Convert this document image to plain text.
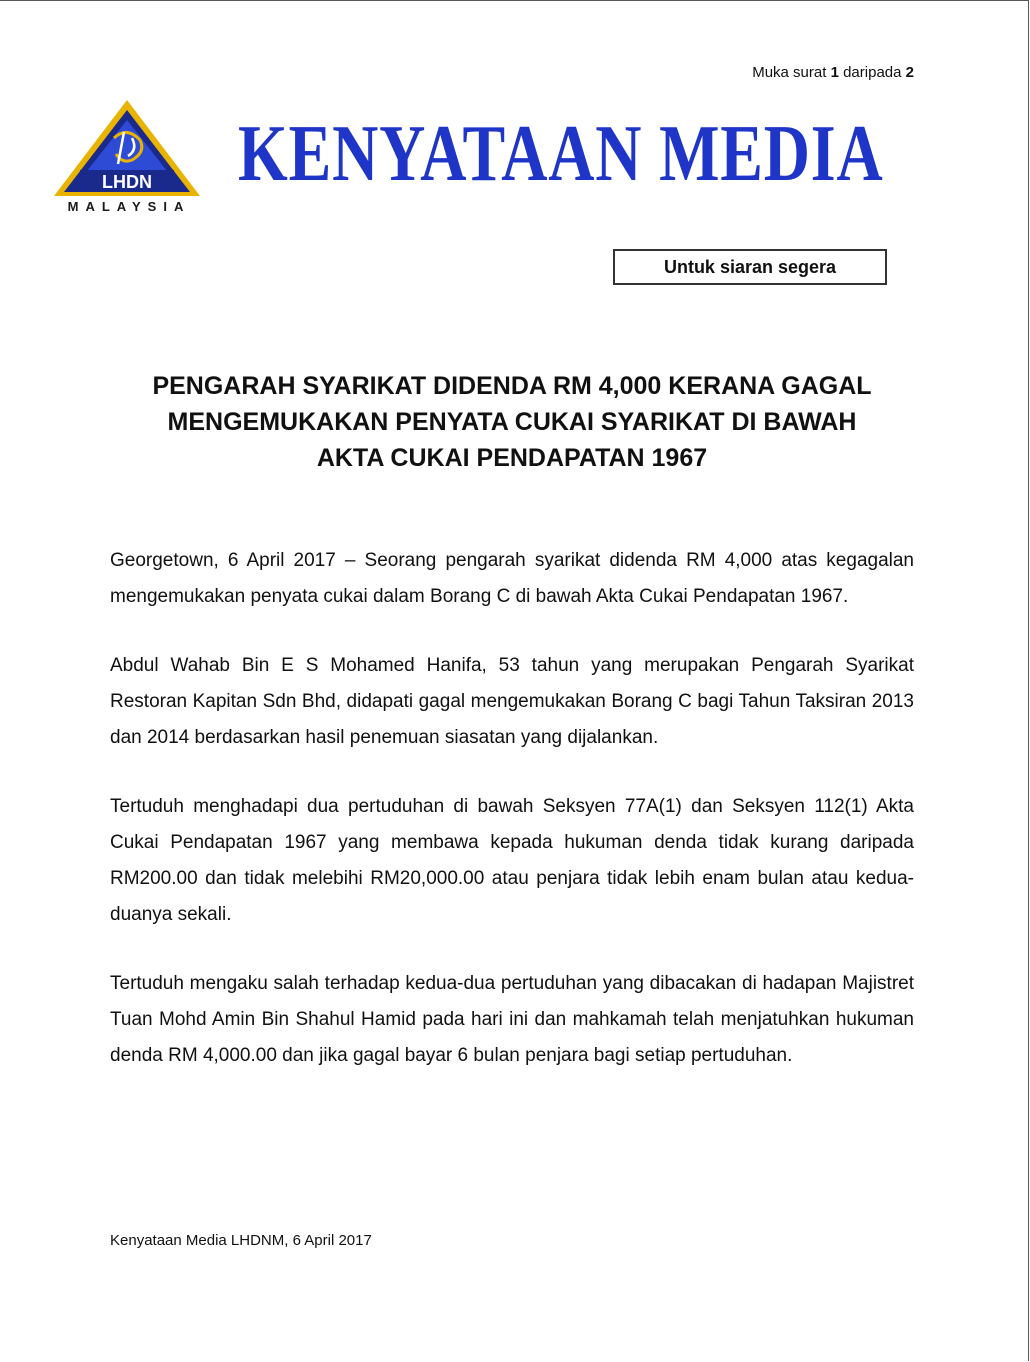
Muka surat 1 daripada 2
LHDN
MALAYSIA
KENYATAAN MEDIA
Untuk siaran segera
PENGARAH SYARIKAT DIDENDA RM 4,000 KERANA GAGAL
MENGEMUKAKAN PENYATA CUKAI SYARIKAT DI BAWAH
AKTA CUKAI PENDAPATAN 1967

Georgetown, 6 April 2017 – Seorang pengarah syarikat didenda RM 4,000 atas kegagalan mengemukakan penyata cukai dalam Borang C di bawah Akta Cukai Pendapatan 1967.

Abdul Wahab Bin E S Mohamed Hanifa, 53 tahun yang merupakan Pengarah Syarikat Restoran Kapitan Sdn Bhd, didapati gagal mengemukakan Borang C bagi Tahun Taksiran 2013 dan 2014 berdasarkan hasil penemuan siasatan yang dijalankan.

Tertuduh menghadapi dua pertuduhan di bawah Seksyen 77A(1) dan Seksyen 112(1) Akta Cukai Pendapatan 1967 yang membawa kepada hukuman denda tidak kurang daripada RM200.00 dan tidak melebihi RM20,000.00 atau penjara tidak lebih enam bulan atau kedua-duanya sekali.

Tertuduh mengaku salah terhadap kedua-dua pertuduhan yang dibacakan di hadapan Majistret Tuan Mohd Amin Bin Shahul Hamid pada hari ini dan mahkamah telah menjatuhkan hukuman denda RM 4,000.00 dan jika gagal bayar 6 bulan penjara bagi setiap pertuduhan.

Kenyataan Media LHDNM, 6 April 2017
